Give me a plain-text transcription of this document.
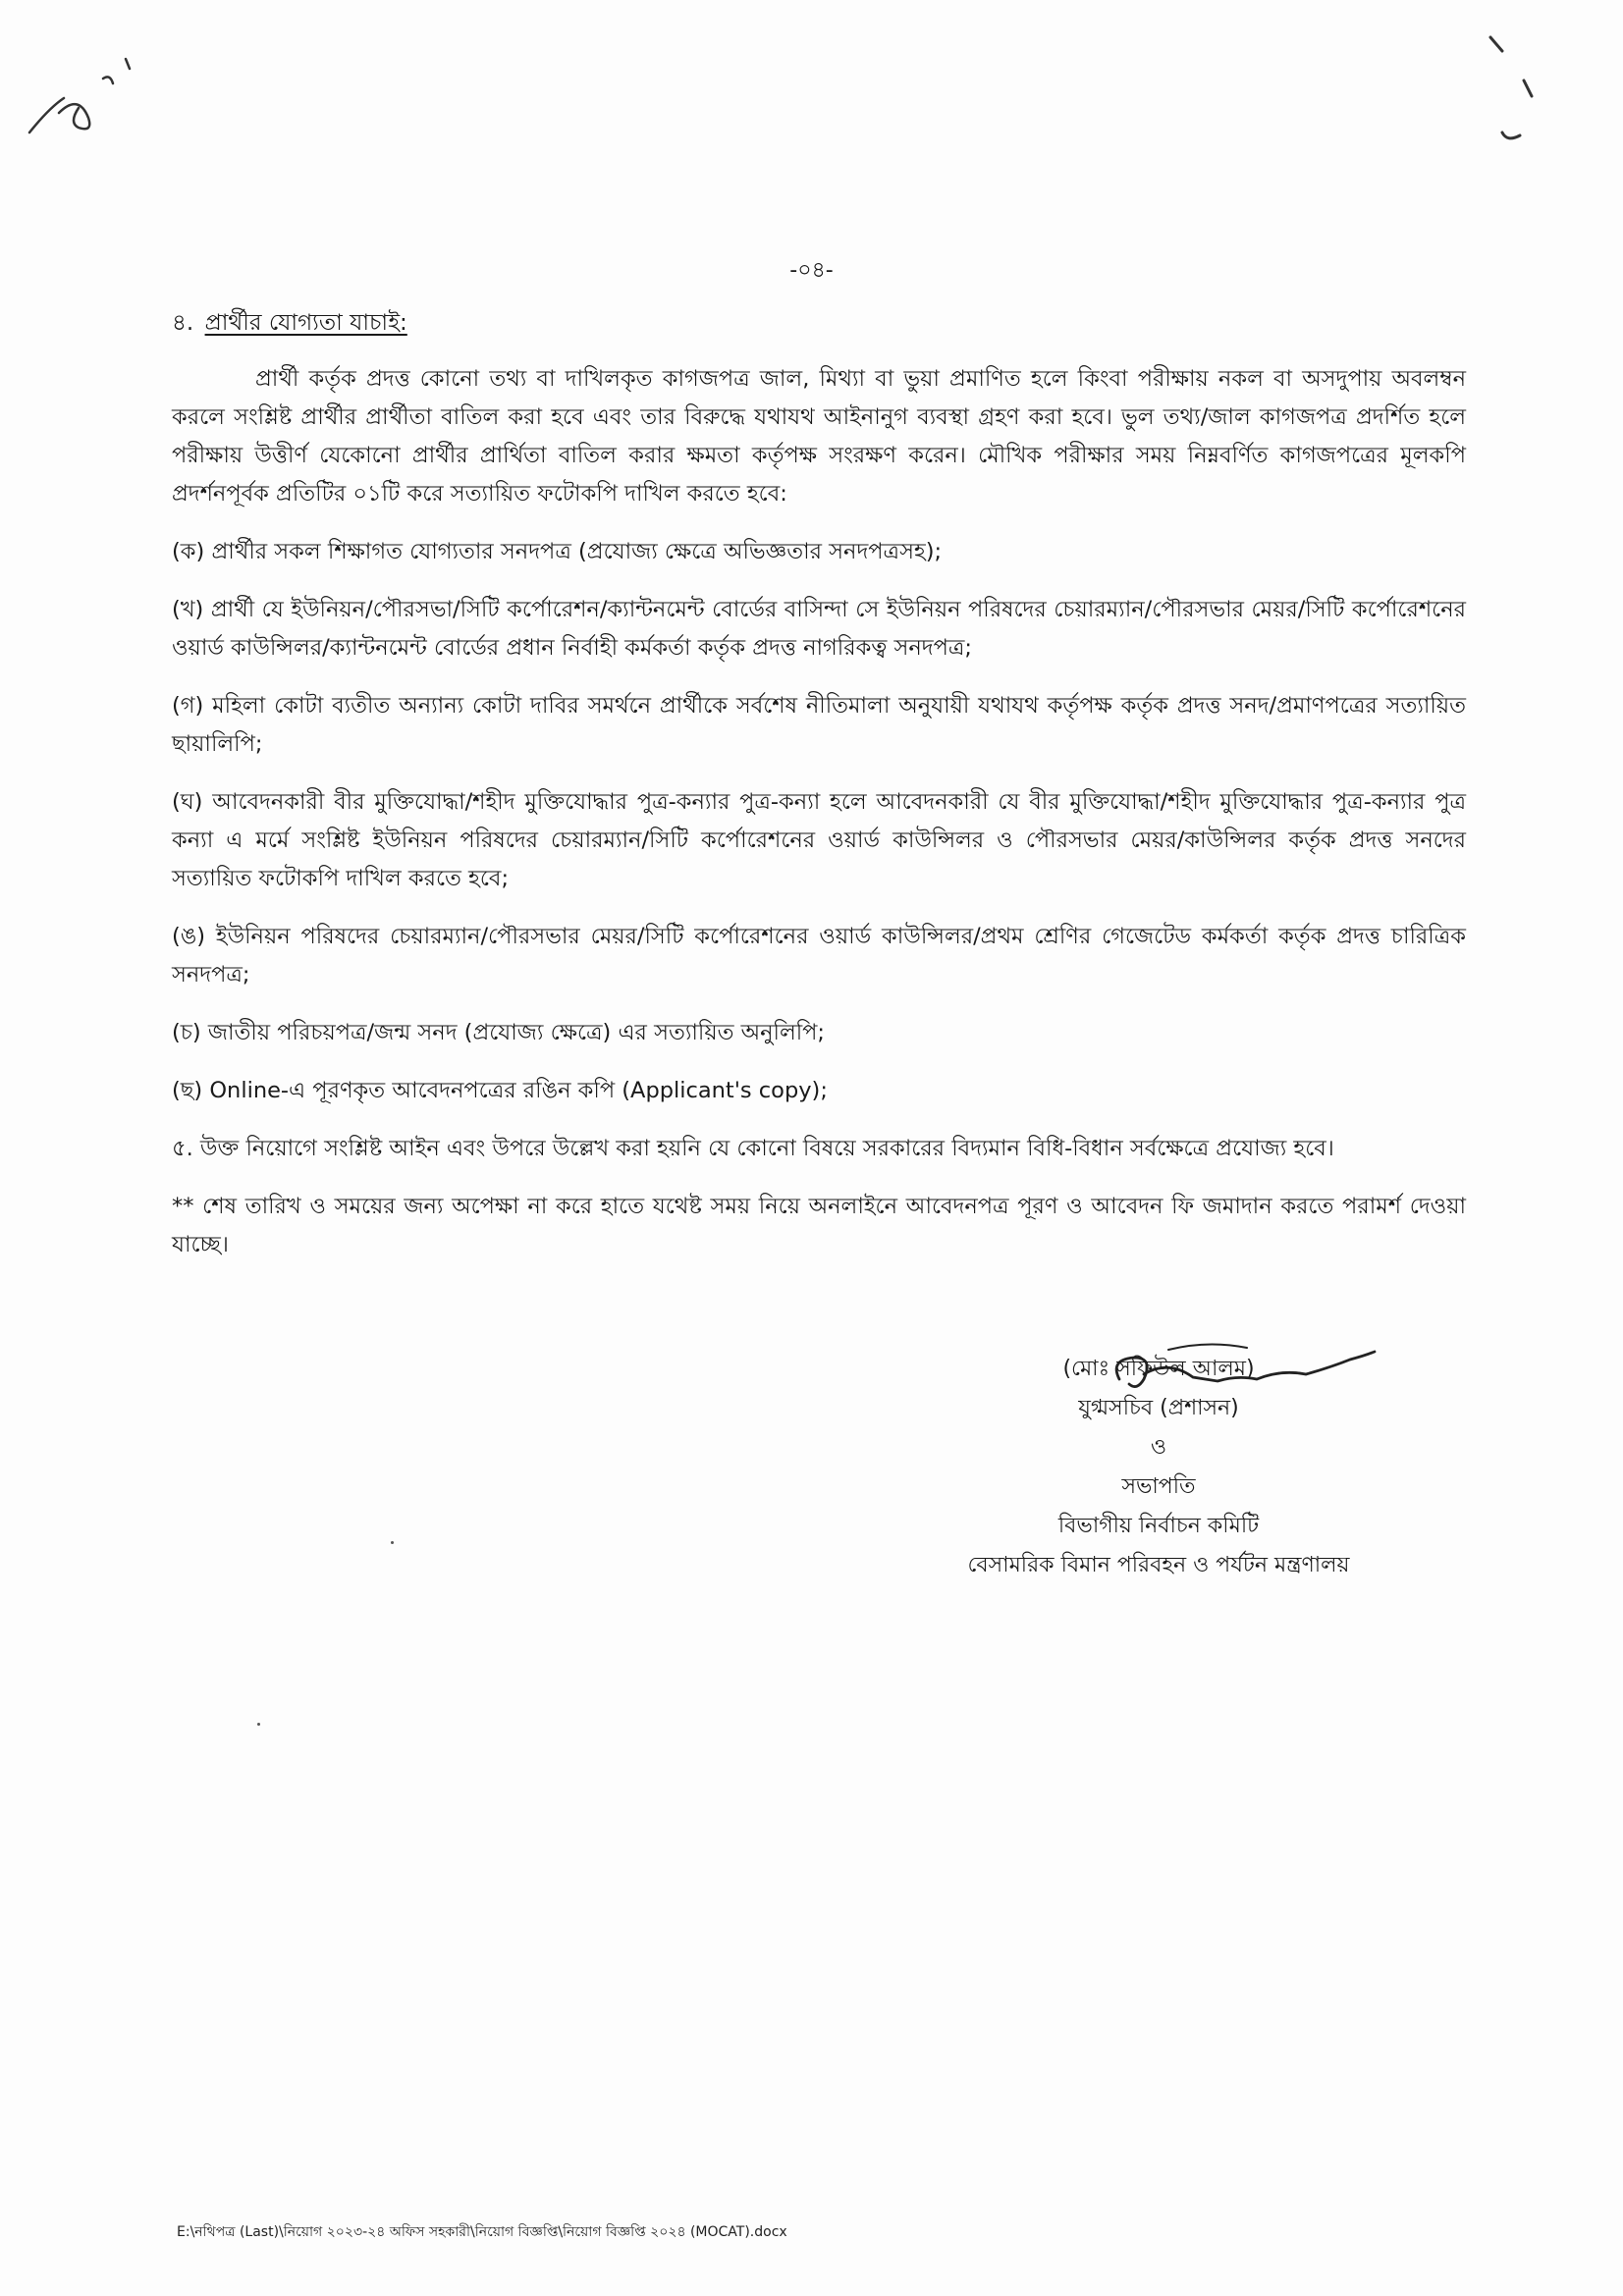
-০৪-
৪. প্রার্থীর যোগ্যতা যাচাই:

প্রার্থী কর্তৃক প্রদত্ত কোনো তথ্য বা দাখিলকৃত কাগজপত্র জাল, মিথ্যা বা ভুয়া প্রমাণিত হলে কিংবা পরীক্ষায় নকল বা অসদুপায় অবলম্বন করলে সংশ্লিষ্ট প্রার্থীর প্রার্থীতা বাতিল করা হবে এবং তার বিরুদ্ধে যথাযথ আইনানুগ ব্যবস্থা গ্রহণ করা হবে। ভুল তথ্য/জাল কাগজপত্র প্রদর্শিত হলে পরীক্ষায় উত্তীর্ণ যেকোনো প্রার্থীর প্রার্থিতা বাতিল করার ক্ষমতা কর্তৃপক্ষ সংরক্ষণ করেন। মৌখিক পরীক্ষার সময় নিম্নবর্ণিত কাগজপত্রের মূলকপি প্রদর্শনপূর্বক প্রতিটির ০১টি করে সত্যায়িত ফটোকপি দাখিল করতে হবে:

(ক) প্রার্থীর সকল শিক্ষাগত যোগ্যতার সনদপত্র (প্রযোজ্য ক্ষেত্রে অভিজ্ঞতার সনদপত্রসহ);

(খ) প্রার্থী যে ইউনিয়ন/পৌরসভা/সিটি কর্পোরেশন/ক্যান্টনমেন্ট বোর্ডের বাসিন্দা সে ইউনিয়ন পরিষদের চেয়ারম্যান/পৌরসভার মেয়র/সিটি কর্পোরেশনের ওয়ার্ড কাউন্সিলর/ক্যান্টনমেন্ট বোর্ডের প্রধান নির্বাহী কর্মকর্তা কর্তৃক প্রদত্ত নাগরিকত্ব সনদপত্র;

(গ) মহিলা কোটা ব্যতীত অন্যান্য কোটা দাবির সমর্থনে প্রার্থীকে সর্বশেষ নীতিমালা অনুযায়ী যথাযথ কর্তৃপক্ষ কর্তৃক প্রদত্ত সনদ/প্রমাণপত্রের সত্যায়িত ছায়ালিপি;

(ঘ) আবেদনকারী বীর মুক্তিযোদ্ধা/শহীদ মুক্তিযোদ্ধার পুত্র-কন্যার পুত্র-কন্যা হলে আবেদনকারী যে বীর মুক্তিযোদ্ধা/শহীদ মুক্তিযোদ্ধার পুত্র-কন্যার পুত্র কন্যা এ মর্মে সংশ্লিষ্ট ইউনিয়ন পরিষদের চেয়ারম্যান/সিটি কর্পোরেশনের ওয়ার্ড কাউন্সিলর ও পৌরসভার মেয়র/কাউন্সিলর কর্তৃক প্রদত্ত সনদের সত্যায়িত ফটোকপি দাখিল করতে হবে;

(ঙ) ইউনিয়ন পরিষদের চেয়ারম্যান/পৌরসভার মেয়র/সিটি কর্পোরেশনের ওয়ার্ড কাউন্সিলর/প্রথম শ্রেণির গেজেটেড কর্মকর্তা কর্তৃক প্রদত্ত চারিত্রিক সনদপত্র;

(চ) জাতীয় পরিচয়পত্র/জন্ম সনদ (প্রযোজ্য ক্ষেত্রে) এর সত্যায়িত অনুলিপি;

(ছ) Online-এ পূরণকৃত আবেদনপত্রের রঙিন কপি (Applicant's copy);

৫. উক্ত নিয়োগে সংশ্লিষ্ট আইন এবং উপরে উল্লেখ করা হয়নি যে কোনো বিষয়ে সরকারের বিদ্যমান বিধি-বিধান সর্বক্ষেত্রে প্রযোজ্য হবে।

** শেষ তারিখ ও সময়ের জন্য অপেক্ষা না করে হাতে যথেষ্ট সময় নিয়ে অনলাইনে আবেদনপত্র পূরণ ও আবেদন ফি জমাদান করতে পরামর্শ দেওয়া যাচ্ছে।

(মোঃ সফিউল আলম)
যুগ্মসচিব (প্রশাসন)
ও
সভাপতি
বিভাগীয় নির্বাচন কমিটি
বেসামরিক বিমান পরিবহন ও পর্যটন মন্ত্রণালয়
E:\নথিপত্র (Last)\নিয়োগ ২০২৩-২৪ অফিস সহকারী\নিয়োগ বিজ্ঞপ্তি\নিয়োগ বিজ্ঞপ্তি ২০২৪ (MOCAT).docx
